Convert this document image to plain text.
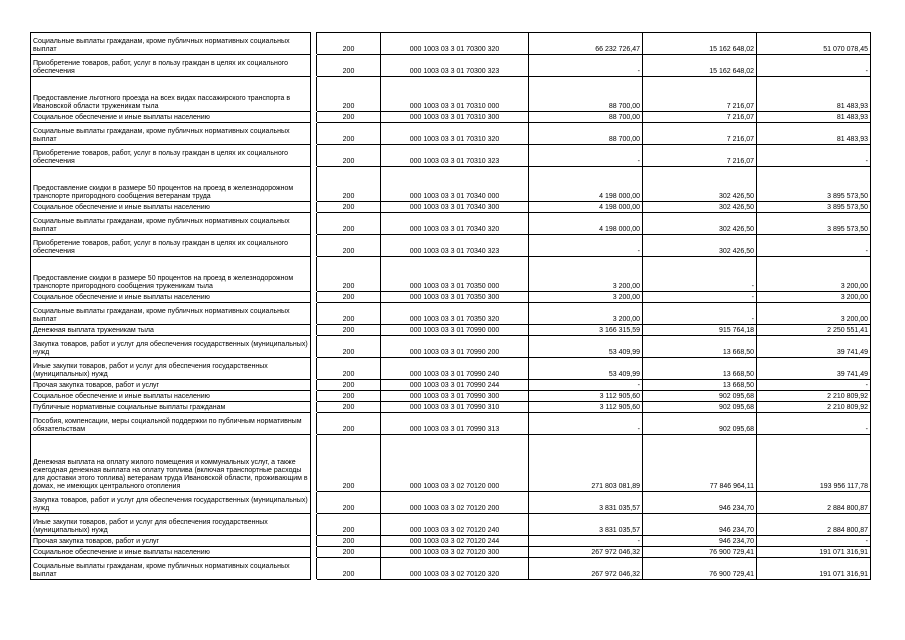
Социальные выплаты гражданам, кроме публичных нормативных социальных выплат		200	000 1003 03 3 01 70300 320	66 232 726,47	15 162 648,02	51 070 078,45
Приобретение товаров, работ, услуг в пользу граждан в целях их социального обеспечения		200	000 1003 03 3 01 70300 323	-	15 162 648,02	-
Предоставление льготного проезда на всех видах пассажирского транспорта в Ивановской области труженикам тыла		200	000 1003 03 3 01 70310 000	88 700,00	7 216,07	81 483,93
Социальное обеспечение и иные выплаты населению		200	000 1003 03 3 01 70310 300	88 700,00	7 216,07	81 483,93
Социальные выплаты гражданам, кроме публичных нормативных социальных выплат		200	000 1003 03 3 01 70310 320	88 700,00	7 216,07	81 483,93
Приобретение товаров, работ, услуг в пользу граждан в целях их социального обеспечения		200	000 1003 03 3 01 70310 323	-	7 216,07	-
Предоставление скидки в размере 50 процентов на проезд в железнодорожном транспорте пригородного сообщения ветеранам труда		200	000 1003 03 3 01 70340 000	4 198 000,00	302 426,50	3 895 573,50
Социальное обеспечение и иные выплаты населению		200	000 1003 03 3 01 70340 300	4 198 000,00	302 426,50	3 895 573,50
Социальные выплаты гражданам, кроме публичных нормативных социальных выплат		200	000 1003 03 3 01 70340 320	4 198 000,00	302 426,50	3 895 573,50
Приобретение товаров, работ, услуг в пользу граждан в целях их социального обеспечения		200	000 1003 03 3 01 70340 323	-	302 426,50	-
Предоставление скидки в размере 50 процентов на проезд в железнодорожном транспорте пригородного сообщения труженикам тыла		200	000 1003 03 3 01 70350 000	3 200,00	-	3 200,00
Социальное обеспечение и иные выплаты населению		200	000 1003 03 3 01 70350 300	3 200,00	-	3 200,00
Социальные выплаты гражданам, кроме публичных нормативных социальных выплат		200	000 1003 03 3 01 70350 320	3 200,00	-	3 200,00
Денежная выплата труженикам тыла		200	000 1003 03 3 01 70990 000	3 166 315,59	915 764,18	2 250 551,41
Закупка товаров, работ и услуг для обеспечения государственных (муниципальных) нужд		200	000 1003 03 3 01 70990 200	53 409,99	13 668,50	39 741,49
Иные закупки товаров, работ и услуг для обеспечения государственных (муниципальных) нужд		200	000 1003 03 3 01 70990 240	53 409,99	13 668,50	39 741,49
Прочая закупка товаров, работ и услуг		200	000 1003 03 3 01 70990 244	-	13 668,50	-
Социальное обеспечение и иные выплаты населению		200	000 1003 03 3 01 70990 300	3 112 905,60	902 095,68	2 210 809,92
Публичные нормативные социальные выплаты гражданам		200	000 1003 03 3 01 70990 310	3 112 905,60	902 095,68	2 210 809,92
Пособия, компенсации, меры социальной поддержки по публичным нормативным обязательствам		200	000 1003 03 3 01 70990 313	-	902 095,68	-
Денежная выплата на оплату жилого помещения и коммунальных услуг, а также ежегодная денежная выплата на оплату топлива (включая транспортные расходы для доставки этого топлива) ветеранам труда Ивановской области, проживающим в домах, не имеющих центрального отопления		200	000 1003 03 3 02 70120 000	271 803 081,89	77 846 964,11	193 956 117,78
Закупка товаров, работ и услуг для обеспечения государственных (муниципальных) нужд		200	000 1003 03 3 02 70120 200	3 831 035,57	946 234,70	2 884 800,87
Иные закупки товаров, работ и услуг для обеспечения государственных (муниципальных) нужд		200	000 1003 03 3 02 70120 240	3 831 035,57	946 234,70	2 884 800,87
Прочая закупка товаров, работ и услуг		200	000 1003 03 3 02 70120 244	-	946 234,70	-
Социальное обеспечение и иные выплаты населению		200	000 1003 03 3 02 70120 300	267 972 046,32	76 900 729,41	191 071 316,91
Социальные выплаты гражданам, кроме публичных нормативных социальных выплат		200	000 1003 03 3 02 70120 320	267 972 046,32	76 900 729,41	191 071 316,91
